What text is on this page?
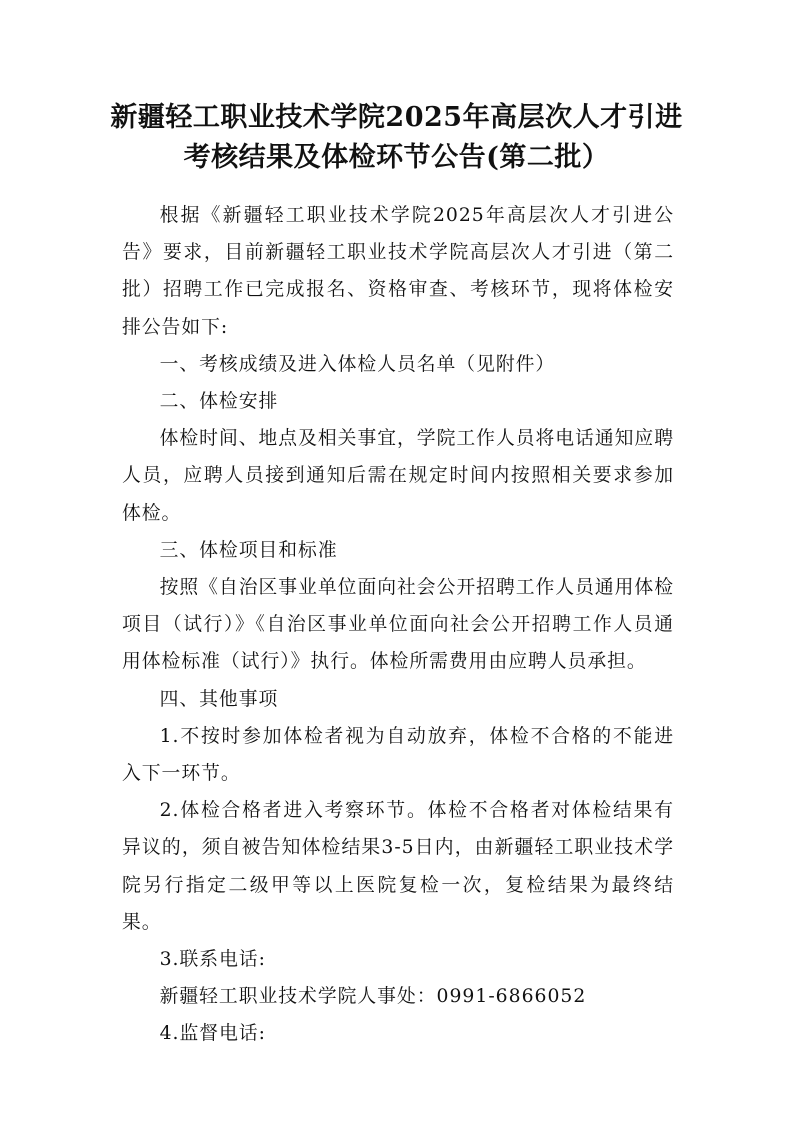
新疆轻工职业技术学院2025年高层次人才引进
考核结果及体检环节公告(第二批）

根据《新疆轻工职业技术学院2025年高层次人才引进公告》要求，目前新疆轻工职业技术学院高层次人才引进（第二批）招聘工作已完成报名、资格审查、考核环节，现将体检安排公告如下:

一、考核成绩及进入体检人员名单（见附件）

二、体检安排

体检时间、地点及相关事宜，学院工作人员将电话通知应聘人员，应聘人员接到通知后需在规定时间内按照相关要求参加体检。

三、体检项目和标准

按照《自治区事业单位面向社会公开招聘工作人员通用体检项目（试行）》《自治区事业单位面向社会公开招聘工作人员通用体检标准（试行）》执行。体检所需费用由应聘人员承担。

四、其他事项

1.不按时参加体检者视为自动放弃，体检不合格的不能进入下一环节。

2.体检合格者进入考察环节。体检不合格者对体检结果有异议的，须自被告知体检结果3-5日内，由新疆轻工职业技术学院另行指定二级甲等以上医院复检一次，复检结果为最终结果。

3.联系电话:

新疆轻工职业技术学院人事处：0991-6866052

4.监督电话:
